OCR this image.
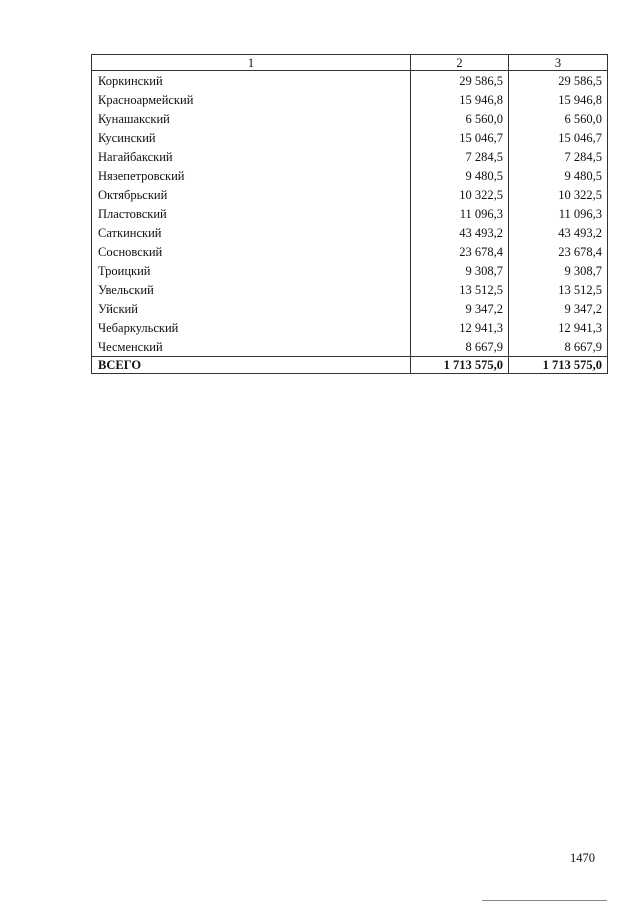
1	2	3
Коркинский	29 586,5	29 586,5
Красноармейский	15 946,8	15 946,8
Кунашакский	6 560,0	6 560,0
Кусинский	15 046,7	15 046,7
Нагайбакский	7 284,5	7 284,5
Нязепетровский	9 480,5	9 480,5
Октябрьский	10 322,5	10 322,5
Пластовский	11 096,3	11 096,3
Саткинский	43 493,2	43 493,2
Сосновский	23 678,4	23 678,4
Троицкий	9 308,7	9 308,7
Увельский	13 512,5	13 512,5
Уйский	9 347,2	9 347,2
Чебаркульский	12 941,3	12 941,3
Чесменский	8 667,9	8 667,9
ВСЕГО	1 713 575,0	1 713 575,0
1470
